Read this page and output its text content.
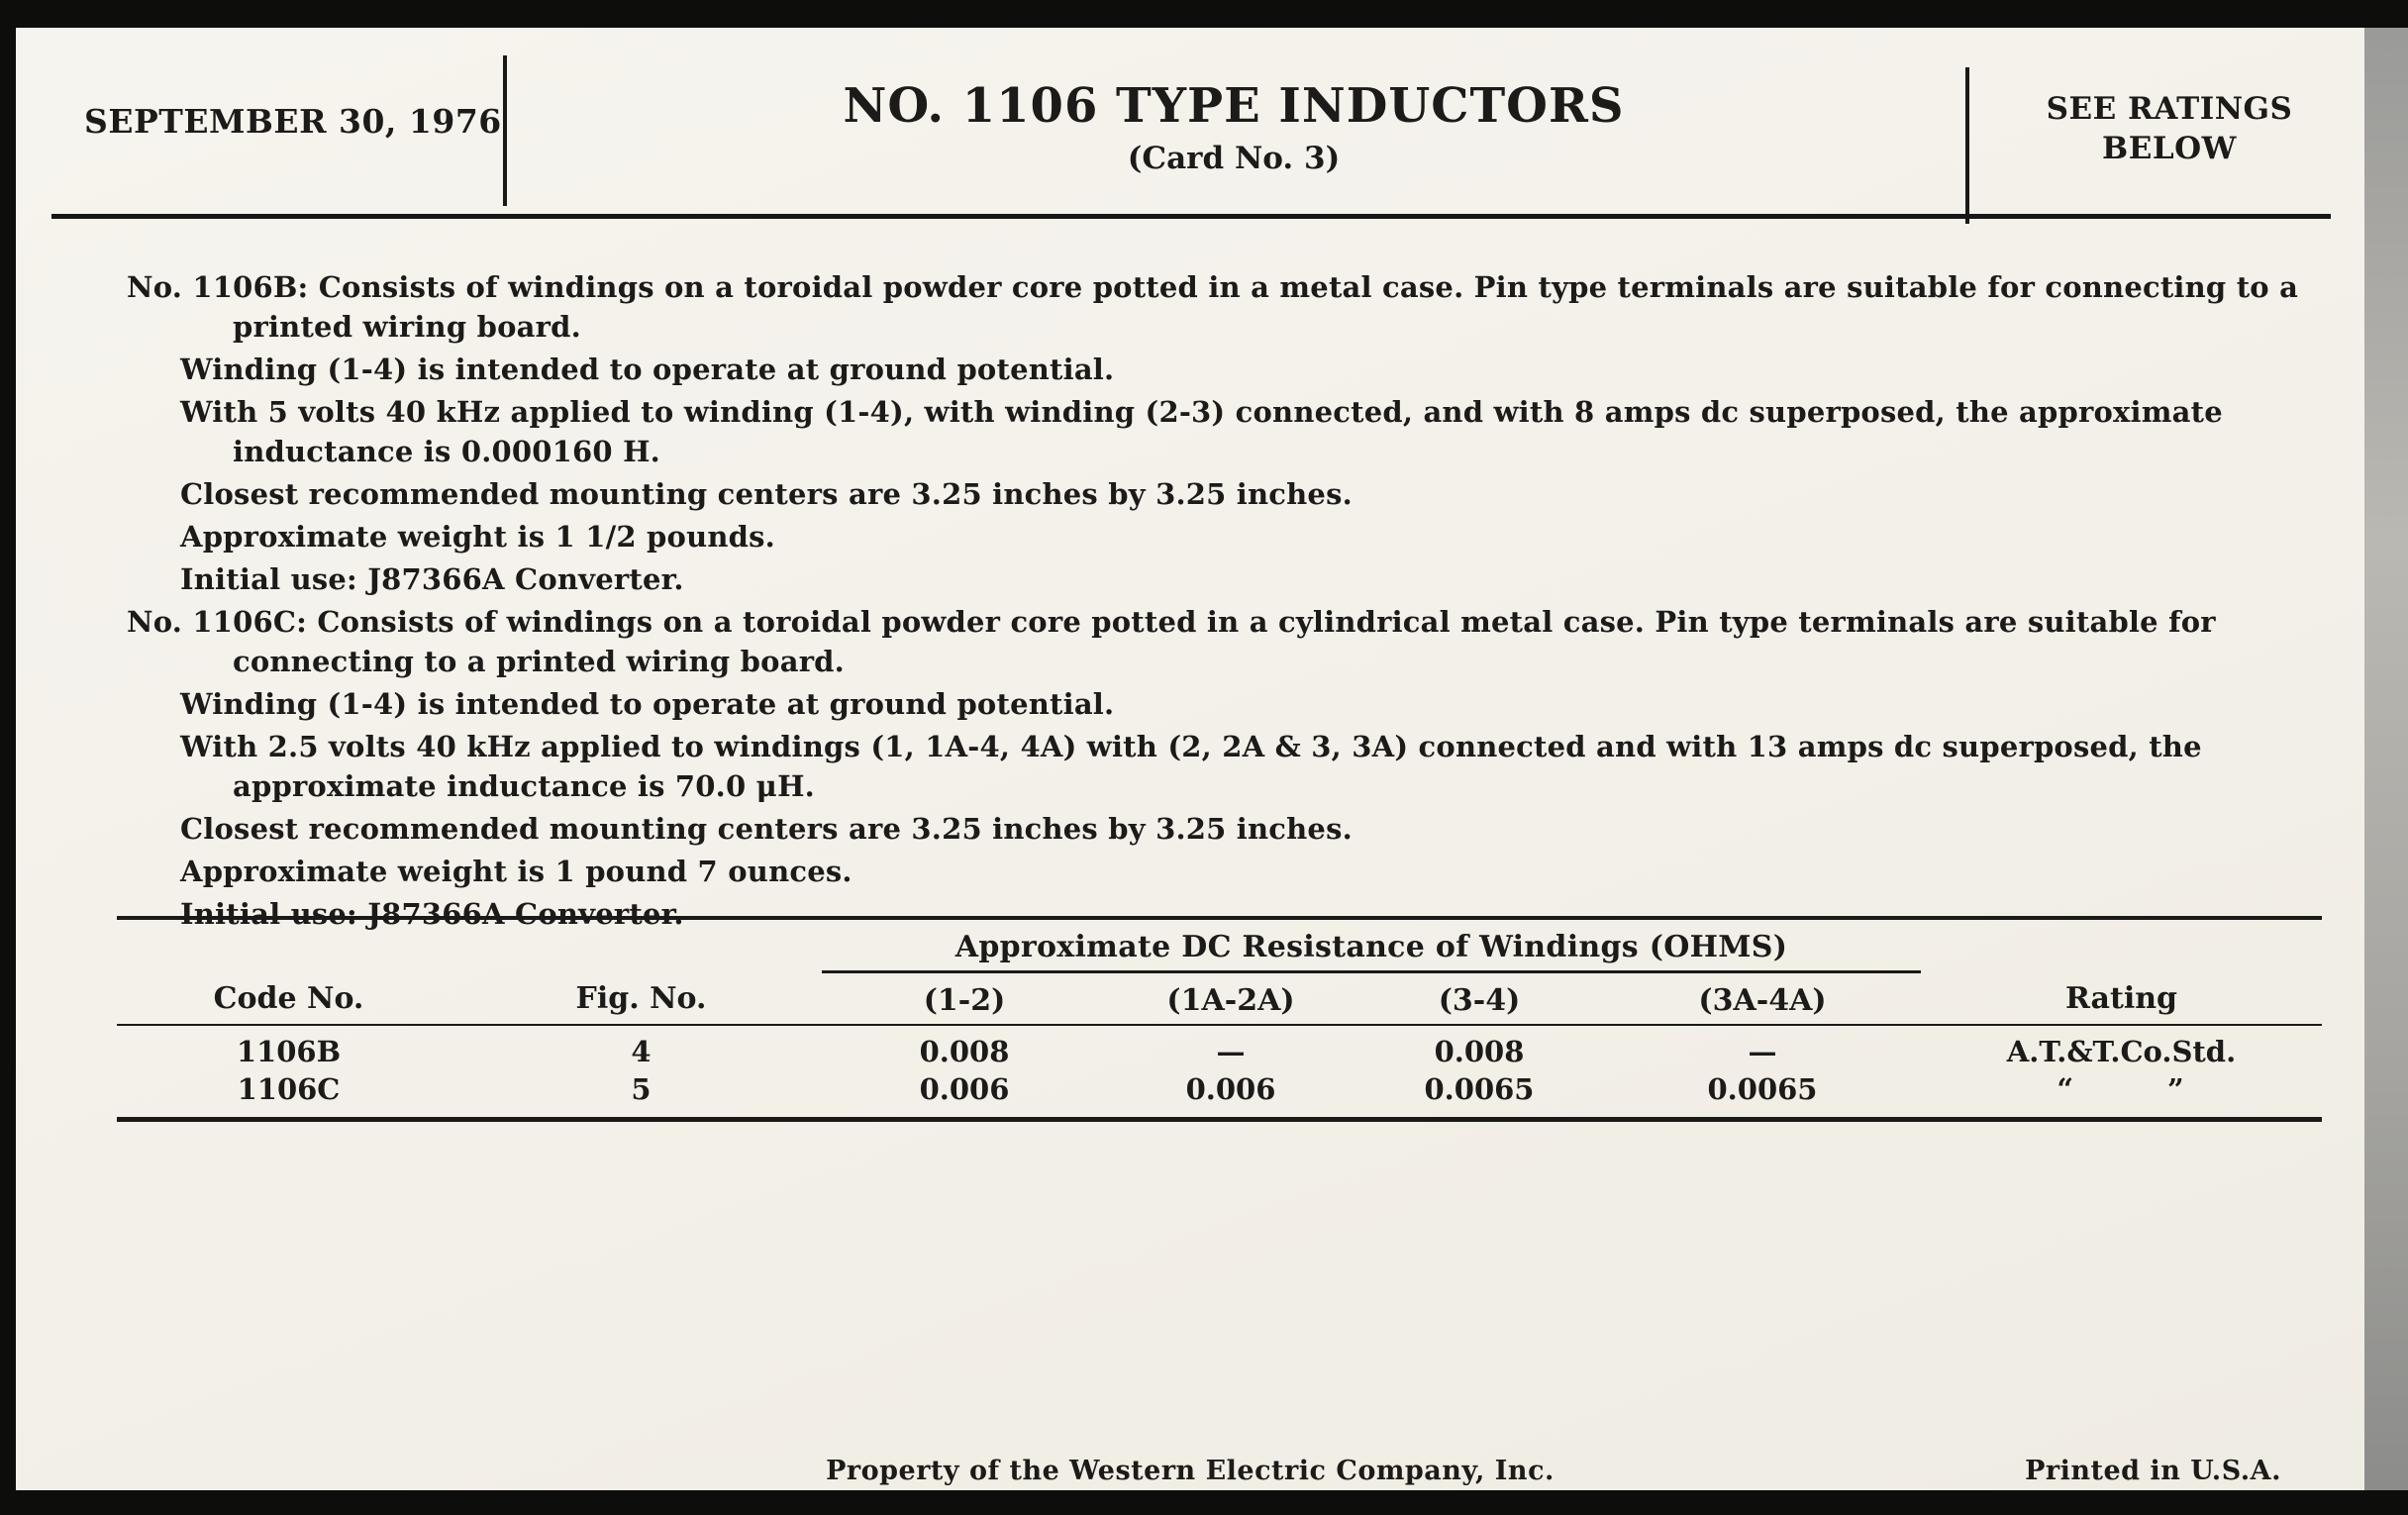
SEPTEMBER 30, 1976	NO. 1106 TYPE INDUCTORS
(Card No. 3)
SEE RATINGS
BELOW

No. 1106B: Consists of windings on a toroidal powder core potted in a metal case. Pin type terminals are suitable for connecting to a printed wiring board.

Winding (1-4) is intended to operate at ground potential.

With 5 volts 40 kHz applied to winding (1-4), with winding (2-3) connected, and with 8 amps dc superposed, the approximate inductance is 0.000160 H.

Closest recommended mounting centers are 3.25 inches by 3.25 inches.

Approximate weight is 1 1/2 pounds.

Initial use: J87366A Converter.

No. 1106C: Consists of windings on a toroidal powder core potted in a cylindrical metal case. Pin type terminals are suitable for connecting to a printed wiring board.

Winding (1-4) is intended to operate at ground potential.

With 2.5 volts 40 kHz applied to windings (1, 1A-4, 4A) with (2, 2A & 3, 3A) connected and with 13 amps dc superposed, the approximate inductance is 70.0 μH.

Closest recommended mounting centers are 3.25 inches by 3.25 inches.

Approximate weight is 1 pound 7 ounces.

Initial use: J87366A Converter.

Code No.	Fig. No.	Approximate DC Resistance of Windings (OHMS)				Rating
		(1-2)	(1A-2A)	(3-4)	(3A-4A)	
1106B	4	0.008	—	0.008	—	A.T.&T.Co.Std.
1106C	5	0.006	0.006	0.0065	0.0065	“   ”
Property of the Western Electric Company, Inc.	Printed in U.S.A.
